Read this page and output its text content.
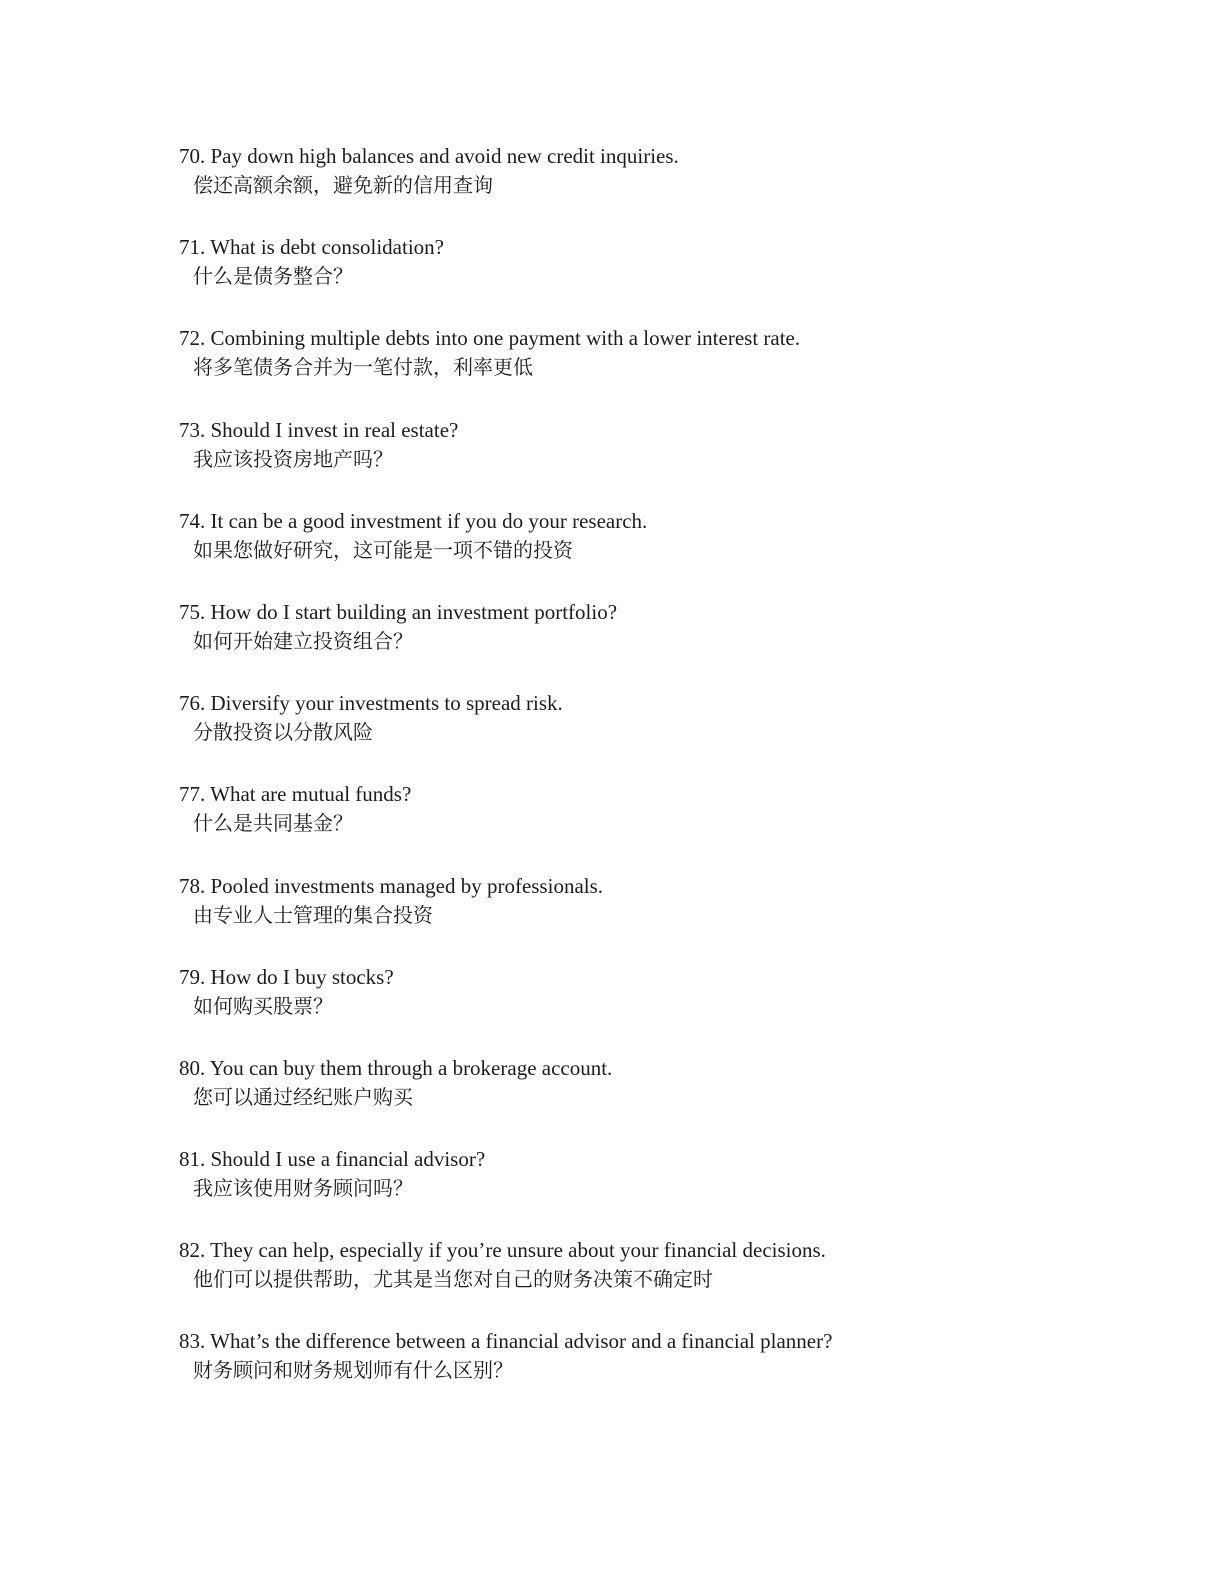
70. Pay down high balances and avoid new credit inquiries.
偿还高额余额，避免新的信用查询
71. What is debt consolidation?
什么是债务整合？
72. Combining multiple debts into one payment with a lower interest rate.
将多笔债务合并为一笔付款，利率更低
73. Should I invest in real estate?
我应该投资房地产吗？
74. It can be a good investment if you do your research.
如果您做好研究，这可能是一项不错的投资
75. How do I start building an investment portfolio?
如何开始建立投资组合？
76. Diversify your investments to spread risk.
分散投资以分散风险
77. What are mutual funds?
什么是共同基金？
78. Pooled investments managed by professionals.
由专业人士管理的集合投资
79. How do I buy stocks?
如何购买股票？
80. You can buy them through a brokerage account.
您可以通过经纪账户购买
81. Should I use a financial advisor?
我应该使用财务顾问吗？
82. They can help, especially if you’re unsure about your financial decisions.
他们可以提供帮助，尤其是当您对自己的财务决策不确定时
83. What’s the difference between a financial advisor and a financial planner?
财务顾问和财务规划师有什么区别？
